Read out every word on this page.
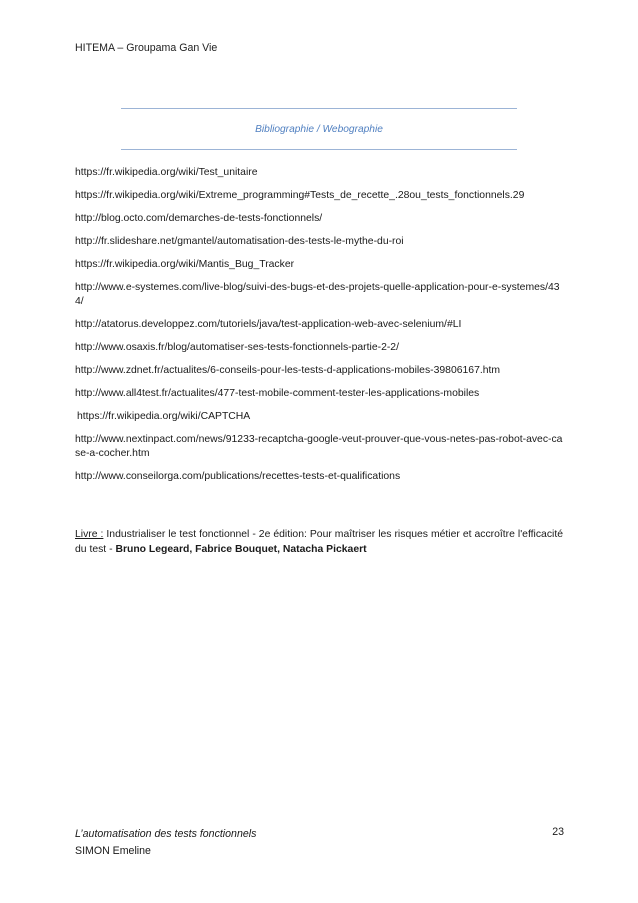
HITEMA – Groupama Gan Vie
Bibliographie / Webographie
https://fr.wikipedia.org/wiki/Test_unitaire
https://fr.wikipedia.org/wiki/Extreme_programming#Tests_de_recette_.28ou_tests_fonctionnels.29
http://blog.octo.com/demarches-de-tests-fonctionnels/
http://fr.slideshare.net/gmantel/automatisation-des-tests-le-mythe-du-roi
https://fr.wikipedia.org/wiki/Mantis_Bug_Tracker
http://www.e-systemes.com/live-blog/suivi-des-bugs-et-des-projets-quelle-application-pour-e-systemes/434/
http://atatorus.developpez.com/tutoriels/java/test-application-web-avec-selenium/#LI
http://www.osaxis.fr/blog/automatiser-ses-tests-fonctionnels-partie-2-2/
http://www.zdnet.fr/actualites/6-conseils-pour-les-tests-d-applications-mobiles-39806167.htm
http://www.all4test.fr/actualites/477-test-mobile-comment-tester-les-applications-mobiles
https://fr.wikipedia.org/wiki/CAPTCHA
http://www.nextinpact.com/news/91233-recaptcha-google-veut-prouver-que-vous-netes-pas-robot-avec-case-a-cocher.htm
http://www.conseilorga.com/publications/recettes-tests-et-qualifications
Livre : Industrialiser le test fonctionnel - 2e édition: Pour maîtriser les risques métier et accroître l'efficacité du test - Bruno Legeard, Fabrice Bouquet, Natacha Pickaert
L’automatisation des tests fonctionnels
SIMON Emeline
23
